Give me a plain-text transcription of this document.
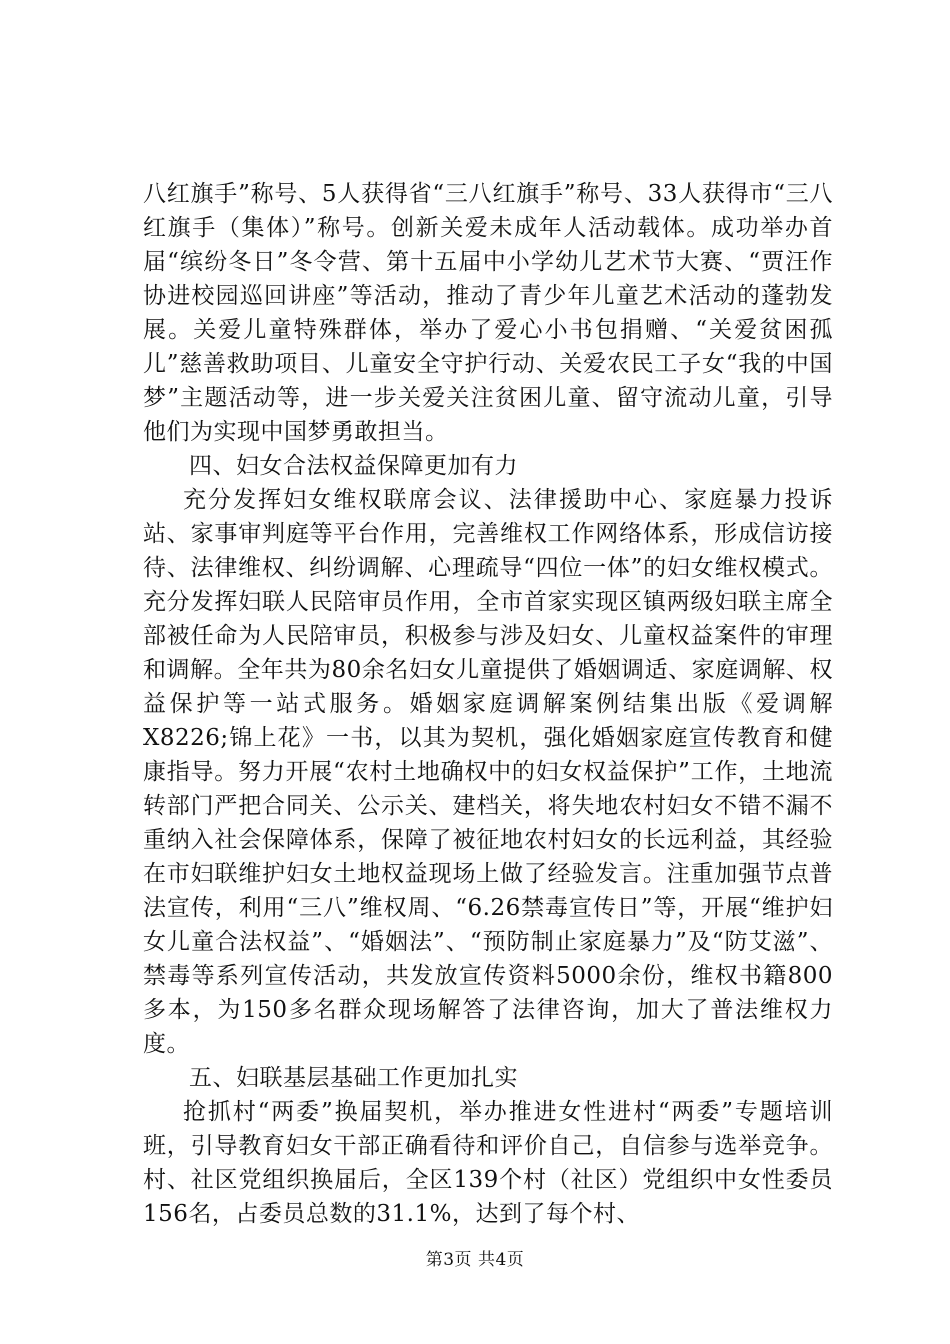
八红旗手”称号、5人获得省“三八红旗手”称号、33人获得市“三八红旗手（集体）”称号。创新关爱未成年人活动载体。成功举办首届“缤纷冬日”冬令营、第十五届中小学幼儿艺术节大赛、“贾汪作协进校园巡回讲座”等活动，推动了青少年儿童艺术活动的蓬勃发展。关爱儿童特殊群体，举办了爱心小书包捐赠、“关爱贫困孤儿”慈善救助项目、儿童安全守护行动、关爱农民工子女“我的中国梦”主题活动等，进一步关爱关注贫困儿童、留守流动儿童，引导他们为实现中国梦勇敢担当。

四、妇女合法权益保障更加有力

充分发挥妇女维权联席会议、法律援助中心、家庭暴力投诉站、家事审判庭等平台作用，完善维权工作网络体系，形成信访接待、法律维权、纠纷调解、心理疏导“四位一体”的妇女维权模式。充分发挥妇联人民陪审员作用，全市首家实现区镇两级妇联主席全部被任命为人民陪审员，积极参与涉及妇女、儿童权益案件的审理和调解。全年共为80余名妇女儿童提供了婚姻调适、家庭调解、权益保护等一站式服务。婚姻家庭调解案例结集出版《爱调解 X8226;锦上花》一书，以其为契机，强化婚姻家庭宣传教育和健康指导。努力开展“农村土地确权中的妇女权益保护”工作，土地流转部门严把合同关、公示关、建档关，将失地农村妇女不错不漏不重纳入社会保障体系，保障了被征地农村妇女的长远利益，其经验在市妇联维护妇女土地权益现场上做了经验发言。注重加强节点普法宣传，利用“三八”维权周、“6.26禁毒宣传日”等，开展“维护妇女儿童合法权益”、“婚姻法”、“预防制止家庭暴力”及“防艾滋”、禁毒等系列宣传活动，共发放宣传资料5000余份，维权书籍800多本，为150多名群众现场解答了法律咨询，加大了普法维权力度。

五、妇联基层基础工作更加扎实

抢抓村“两委”换届契机，举办推进女性进村“两委”专题培训班，引导教育妇女干部正确看待和评价自己，自信参与选举竞争。村、社区党组织换届后，全区139个村（社区）党组织中女性委员156名，占委员总数的31.1%，达到了每个村、

第3页 共4页
